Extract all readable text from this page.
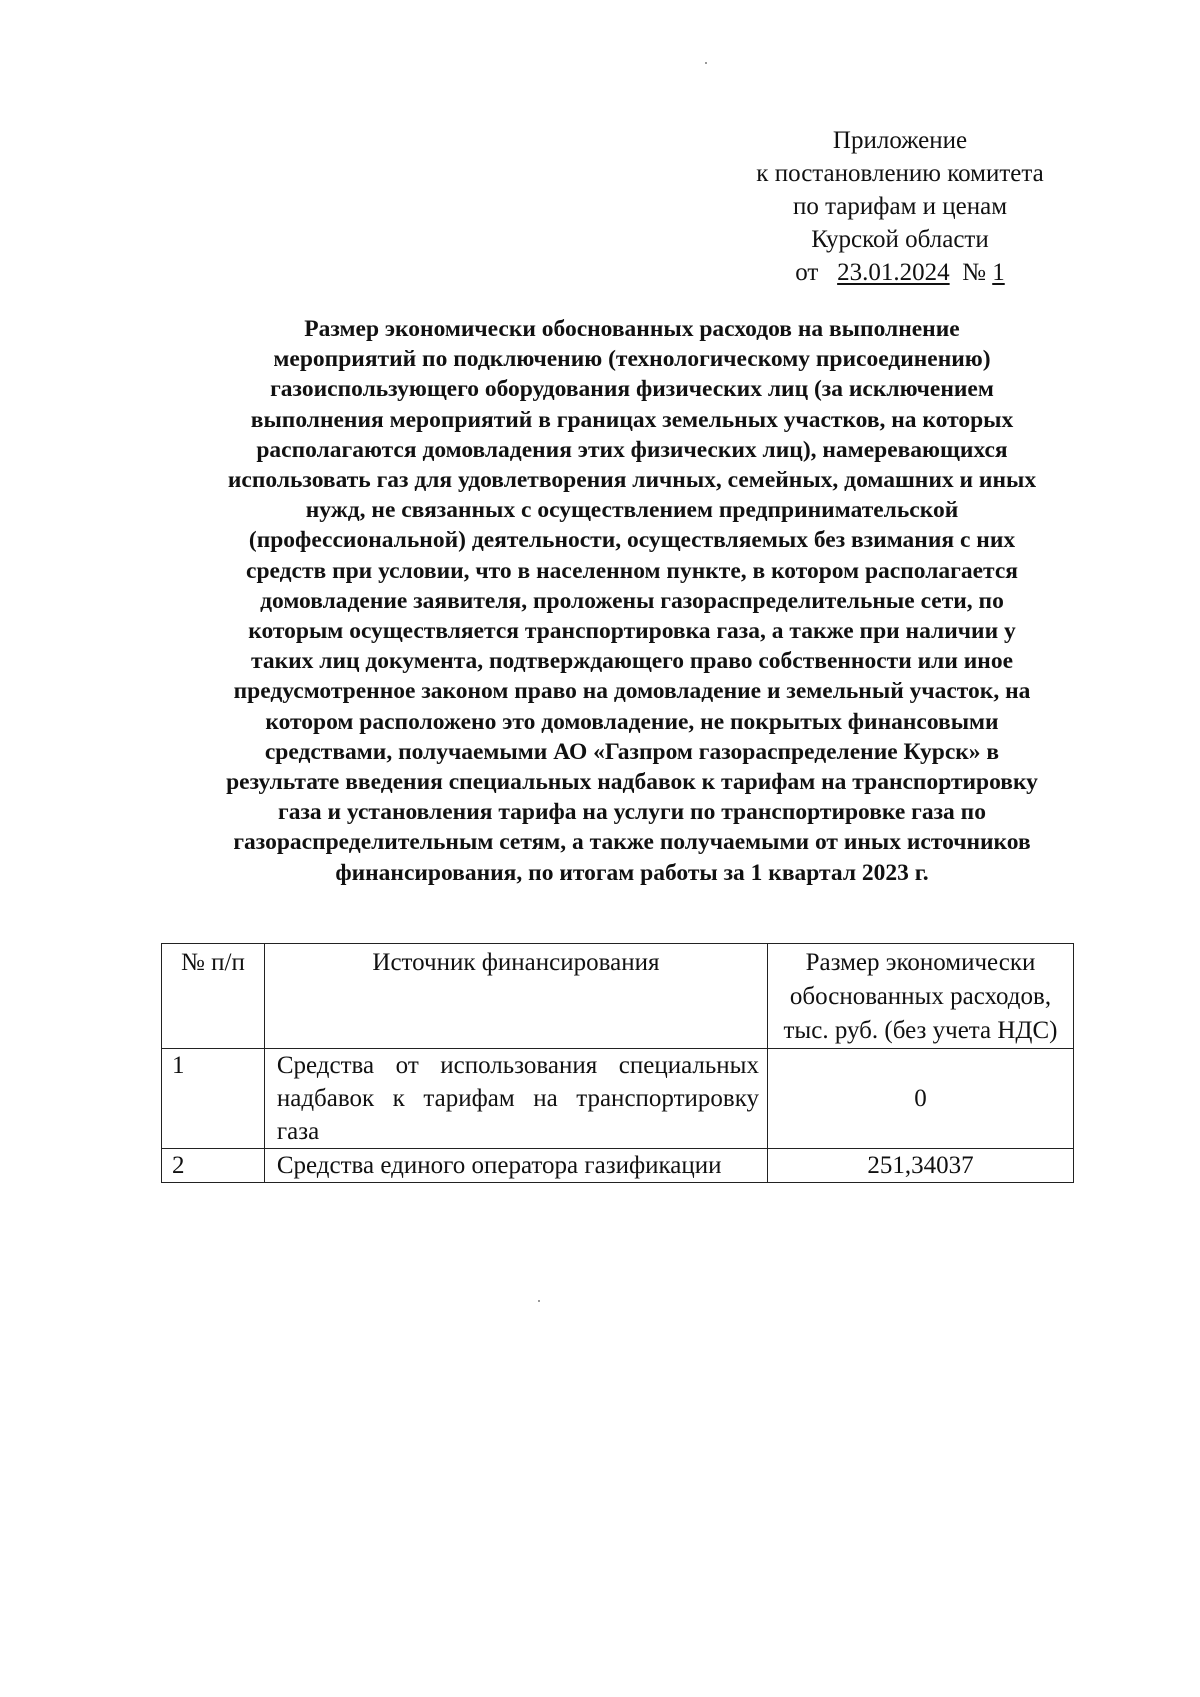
Приложение
к постановлению комитета
по тарифам и ценам
Курской области
от 23.01.2024 № 1
Размер экономически обоснованных расходов на выполнение
мероприятий по подключению (технологическому присоединению)
газоиспользующего оборудования физических лиц (за исключением
выполнения мероприятий в границах земельных участков, на которых
располагаются домовладения этих физических лиц), намеревающихся
использовать газ для удовлетворения личных, семейных, домашних и иных
нужд, не связанных с осуществлением предпринимательской
(профессиональной) деятельности, осуществляемых без взимания с них
средств при условии, что в населенном пункте, в котором располагается
домовладение заявителя, проложены газораспределительные сети, по
которым осуществляется транспортировка газа, а также при наличии у
таких лиц документа, подтверждающего право собственности или иное
предусмотренное законом право на домовладение и земельный участок, на
котором расположено это домовладение, не покрытых финансовыми
средствами, получаемыми АО «Газпром газораспределение Курск» в
результате введения специальных надбавок к тарифам на транспортировку
газа и установления тарифа на услуги по транспортировке газа по
газораспределительным сетям, а также получаемыми от иных источников
финансирования, по итогам работы за 1 квартал 2023 г.
№ п/п	Источник финансирования	Размер экономически
обоснованных расходов,
тыс. руб. (без учета НДС)

1	Средства от использования специальных
надбавок к тарифам на транспортировку
газа	0
2	Средства единого оператора газификации	251,34037
